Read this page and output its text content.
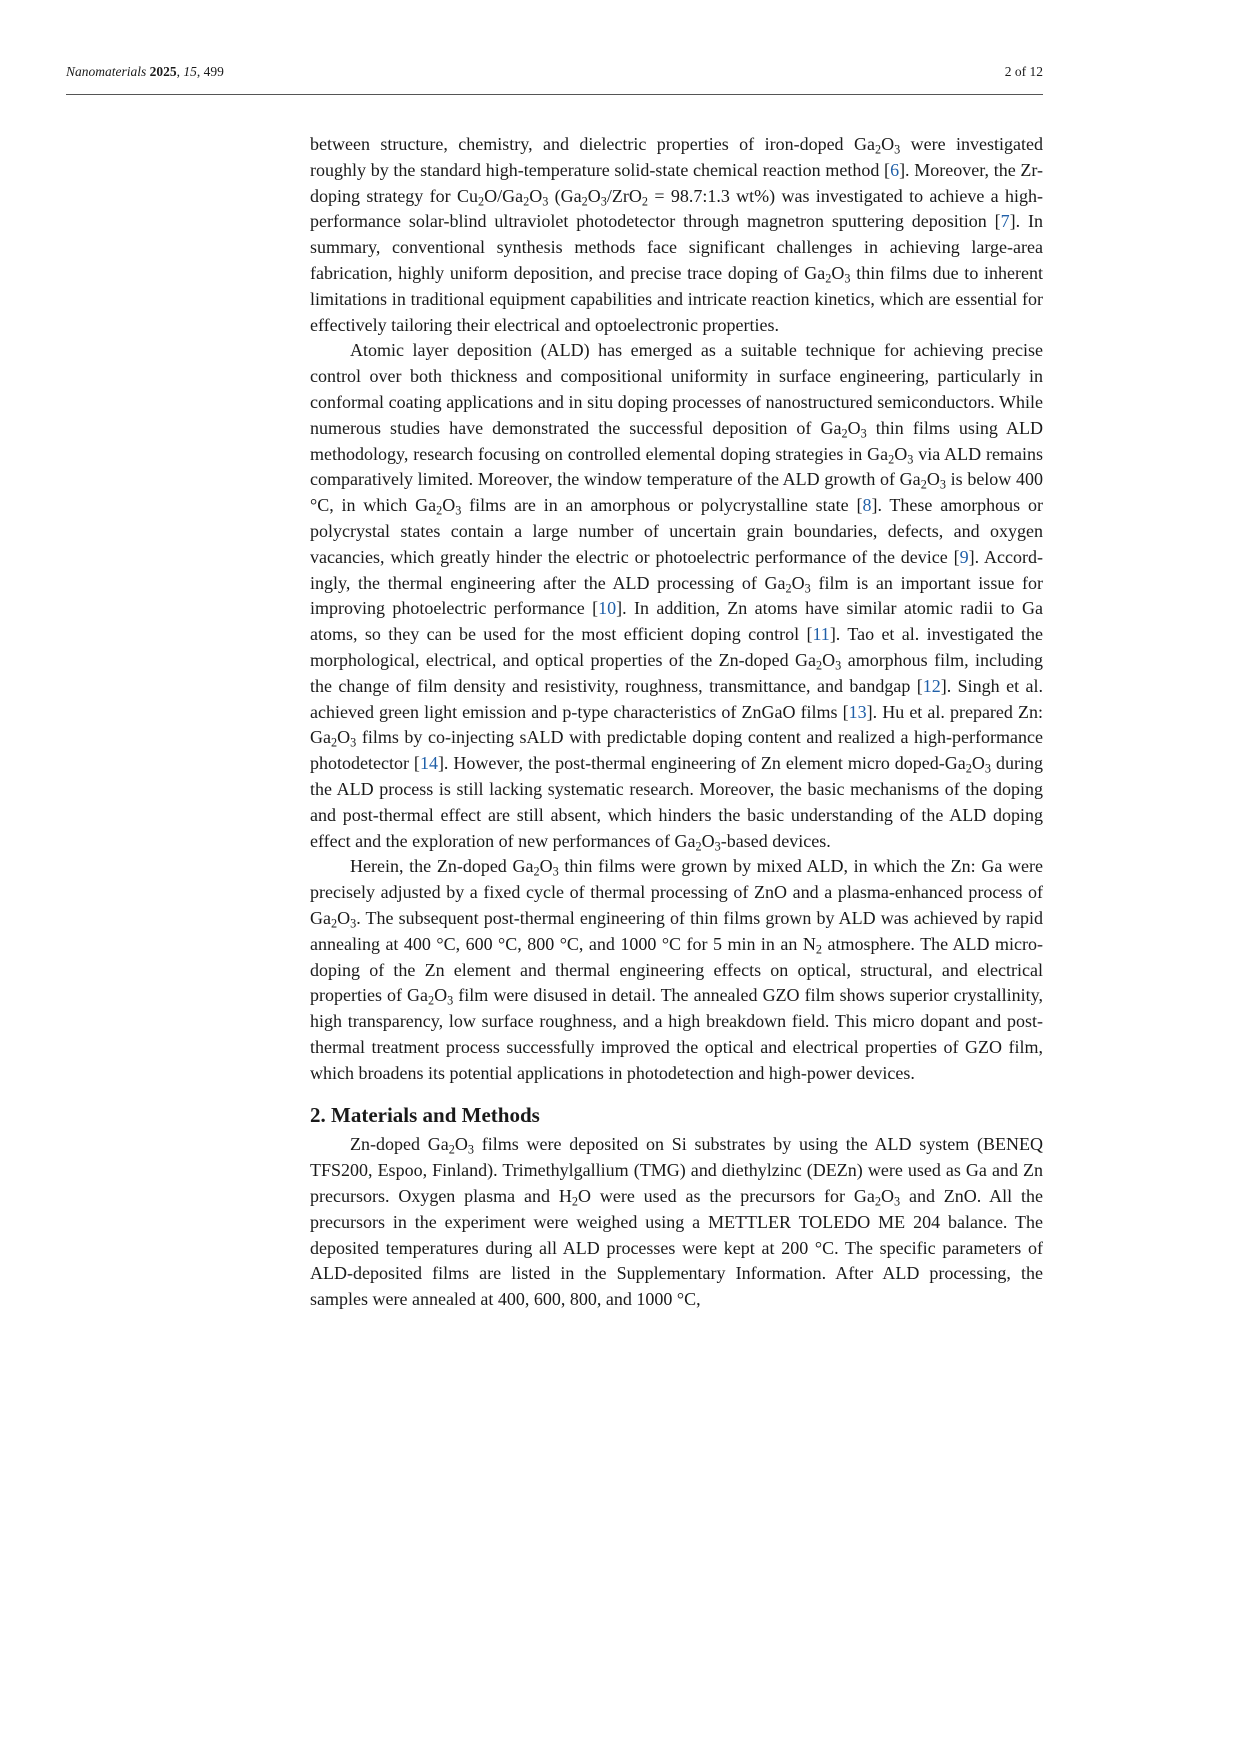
Nanomaterials 2025, 15, 499	2 of 12

between structure, chemistry, and dielectric properties of iron-doped $Ga_2O_3$ were investigated roughly by the standard high-temperature solid-state chemical reaction method [6]. Moreover, the Zr-doping strategy for $Cu_2O/Ga_2O_3$ ($Ga_2O_3/ZrO_2$ = 98.7:1.3 wt%) was investigated to achieve a high-performance solar-blind ultraviolet photodetector through magnetron sputtering deposition [7]. In summary, conventional synthesis methods face significant challenges in achieving large-area fabrication, highly uniform deposition, and precise trace doping of $Ga_2O_3$ thin films due to inherent limitations in traditional equipment capabilities and intricate reaction kinetics, which are essential for effectively tailoring their electrical and optoelectronic properties.

Atomic layer deposition (ALD) has emerged as a suitable technique for achieving precise control over both thickness and compositional uniformity in surface engineering, particularly in conformal coating applications and in situ doping processes of nanostructured semiconductors. While numerous studies have demonstrated the successful deposition of $Ga_2O_3$ thin films using ALD methodology, research focusing on controlled elemental doping strategies in $Ga_2O_3$ via ALD remains comparatively limited. Moreover, the window temperature of the ALD growth of $Ga_2O_3$ is below 400 °C, in which $Ga_2O_3$ films are in an amorphous or polycrystalline state [8]. These amorphous or polycrystal states contain a large number of uncertain grain boundaries, defects, and oxygen vacancies, which greatly hinder the electric or photoelectric performance of the device [9]. Accordingly, the thermal engineering after the ALD processing of $Ga_2O_3$ film is an important issue for improving photoelectric performance [10]. In addition, Zn atoms have similar atomic radii to Ga atoms, so they can be used for the most efficient doping control [11]. Tao et al. investigated the morphological, electrical, and optical properties of the Zn-doped $Ga_2O_3$ amorphous film, including the change of film density and resistivity, roughness, transmittance, and bandgap [12]. Singh et al. achieved green light emission and p-type characteristics of ZnGaO films [13]. Hu et al. prepared Zn: $Ga_2O_3$ films by co-injecting sALD with predictable doping content and realized a high-performance photodetector [14]. However, the post-thermal engineering of Zn element micro doped-$Ga_2O_3$ during the ALD process is still lacking systematic research. Moreover, the basic mechanisms of the doping and post-thermal effect are still absent, which hinders the basic understanding of the ALD doping effect and the exploration of new performances of $Ga_2O_3$-based devices.

Herein, the Zn-doped $Ga_2O_3$ thin films were grown by mixed ALD, in which the Zn: Ga were precisely adjusted by a fixed cycle of thermal processing of ZnO and a plasma-enhanced process of $Ga_2O_3$. The subsequent post-thermal engineering of thin films grown by ALD was achieved by rapid annealing at 400 °C, 600 °C, 800 °C, and 1000 °C for 5 min in an $N_2$ atmosphere. The ALD micro-doping of the Zn element and thermal engineering effects on optical, structural, and electrical properties of $Ga_2O_3$ film were disused in detail. The annealed GZO film shows superior crystallinity, high transparency, low surface roughness, and a high breakdown field. This micro dopant and post-thermal treatment process successfully improved the optical and electrical properties of GZO film, which broadens its potential applications in photodetection and high-power devices.

2. Materials and Methods

Zn-doped $Ga_2O_3$ films were deposited on Si substrates by using the ALD system (BENEQ TFS200, Espoo, Finland). Trimethylgallium (TMG) and diethylzinc (DEZn) were used as Ga and Zn precursors. Oxygen plasma and $H_2O$ were used as the precursors for $Ga_2O_3$ and ZnO. All the precursors in the experiment were weighed using a METTLER TOLEDO ME 204 balance. The deposited temperatures during all ALD processes were kept at 200 °C. The specific parameters of ALD-deposited films are listed in the Supplementary Information. After ALD processing, the samples were annealed at 400, 600, 800, and 1000 °C,
